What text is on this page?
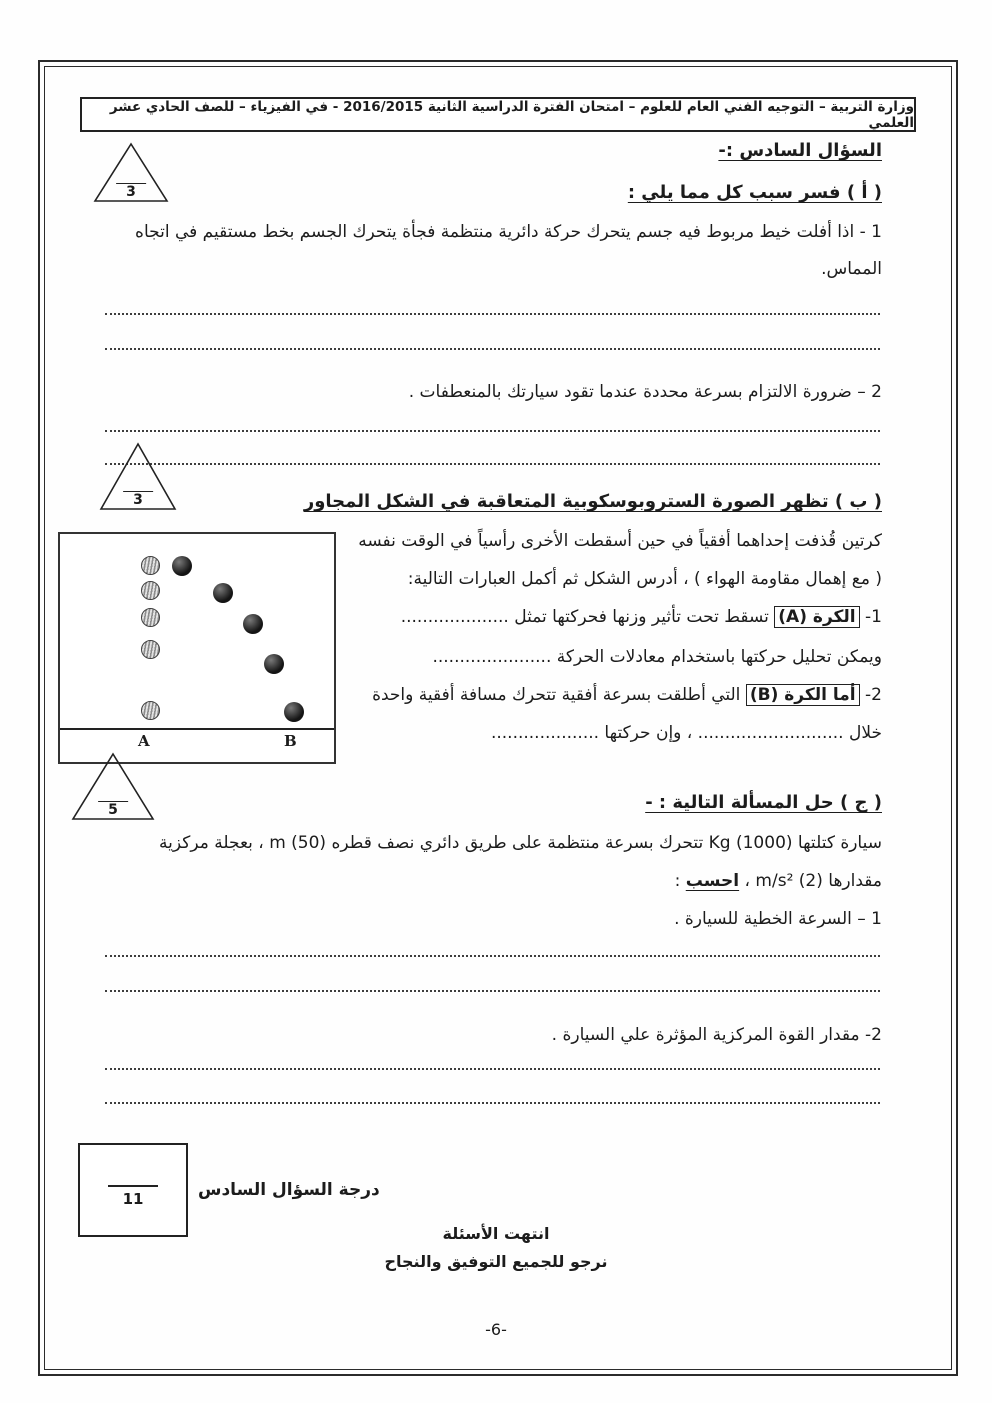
وزارة التربية – التوجيه الفني العام للعلوم – امتحان الفترة الدراسية الثانية 2016/2015 - في الفيزياء – للصف الحادي عشر العلمي
السؤال السادس :-
3	( أ ) فسر سبب كل مما يلي :
1 - اذا أفلت خيط مربوط فيه جسم يتحرك حركة دائرية منتظمة فجأة يتحرك الجسم بخط مستقيم في اتجاه
المماس.
2 – ضرورة الالتزام بسرعة محددة عندما تقود سيارتك بالمنعطفات .
3	( ب ) تظهر الصورة الستروبوسكوبية المتعاقبة في الشكل المجاور
كرتين قُذفت إحداهما أفقياً في حين أسقطت الأخرى رأسياً في الوقت نفسه
( مع إهمال مقاومة الهواء ) ، أدرس الشكل ثم أكمل العبارات التالية:
1- الكرة (A) تسقط تحت تأثير وزنها فحركتها تمثل ....................
ويمكن تحليل حركتها باستخدام معادلات الحركة ......................
2- أما الكرة (B) التي أطلقت بسرعة أفقية تتحرك مسافة أفقية واحدة
خلال ........................... ، وإن حركتها ....................
A	B
5	( ج ) حل المسألة التالية : -
سيارة كتلتها Kg (1000) تتحرك بسرعة منتظمة على طريق دائري نصف قطره m (50) ، بعجلة مركزية
مقدارها m/s² (2) ، احسب :
1 – السرعة الخطية للسيارة .
2- مقدار القوة المركزية المؤثرة علي السيارة .
11	درجة السؤال السادس
انتهت الأسئلة
نرجو للجميع التوفيق والنجاح
-6-
